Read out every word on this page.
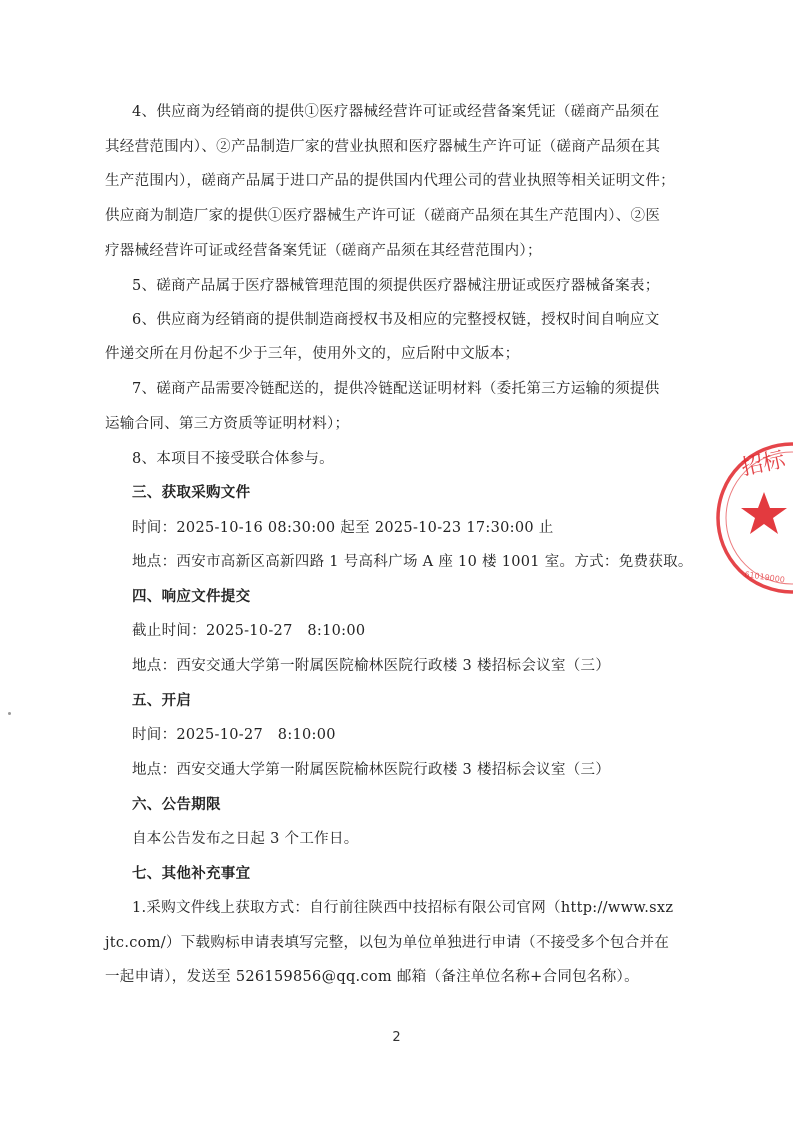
4、供应商为经销商的提供①医疗器械经营许可证或经营备案凭证（磋商产品须在
其经营范围内）、②产品制造厂家的营业执照和医疗器械生产许可证（磋商产品须在其
生产范围内），磋商产品属于进口产品的提供国内代理公司的营业执照等相关证明文件；
供应商为制造厂家的提供①医疗器械生产许可证（磋商产品须在其生产范围内）、②医
疗器械经营许可证或经营备案凭证（磋商产品须在其经营范围内）；
5、磋商产品属于医疗器械管理范围的须提供医疗器械注册证或医疗器械备案表；
6、供应商为经销商的提供制造商授权书及相应的完整授权链，授权时间自响应文
件递交所在月份起不少于三年，使用外文的，应后附中文版本；
7、磋商产品需要冷链配送的，提供冷链配送证明材料（委托第三方运输的须提供
运输合同、第三方资质等证明材料）；
8、本项目不接受联合体参与。
三、获取采购文件
时间：2025-10-16 08:30:00 起至 2025-10-23 17:30:00 止
地点：西安市高新区高新四路 1 号高科广场 A 座 10 楼 1001 室。方式：免费获取。
四、响应文件提交
截止时间：2025-10-27　8:10:00
地点：西安交通大学第一附属医院榆林医院行政楼 3 楼招标会议室（三）
五、开启
时间：2025-10-27　8:10:00
地点：西安交通大学第一附属医院榆林医院行政楼 3 楼招标会议室（三）
六、公告期限
自本公告发布之日起 3 个工作日。
七、其他补充事宜
1.采购文件线上获取方式：自行前往陕西中技招标有限公司官网（http://www.sxz
jtc.com/）下载购标申请表填写完整，以包为单位单独进行申请（不接受多个包合并在
一起申请），发送至 526159856@qq.com 邮箱（备注单位名称+合同包名称）。
招标
61019000
2
